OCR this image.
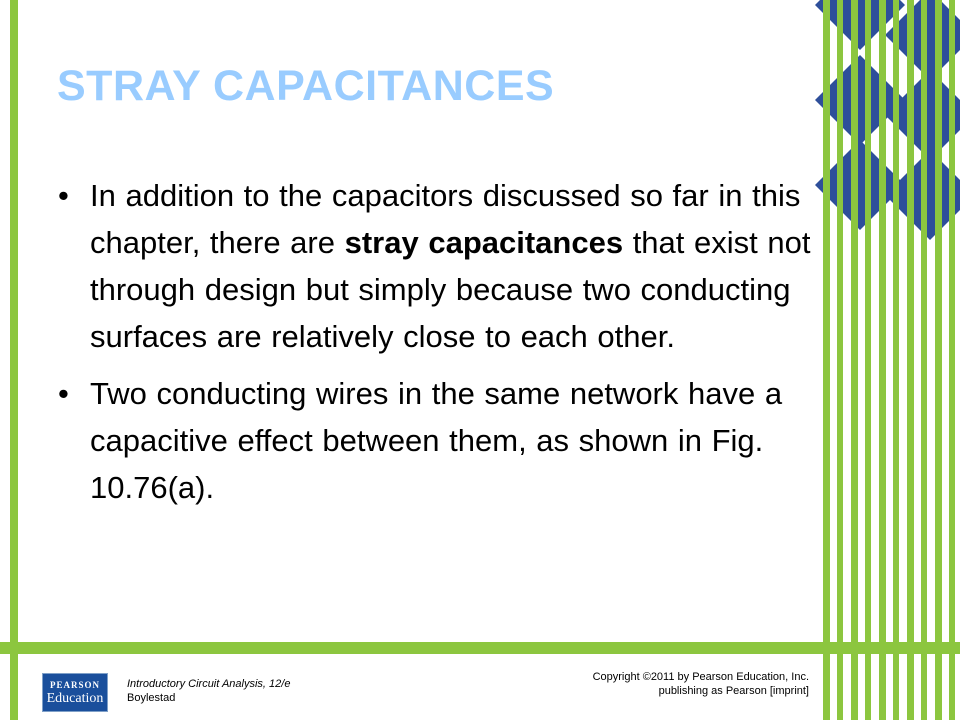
STRAY CAPACITANCES
• In addition to the capacitors discussed so far in this chapter, there are stray capacitances that exist not through design but simply because two conducting surfaces are relatively close to each other.
• Two conducting wires in the same network have a capacitive effect between them, as shown in Fig. 10.76(a).
PEARSON
Education
Introductory Circuit Analysis, 12/e
Boylestad
Copyright ©2011 by Pearson Education, Inc.
publishing as Pearson [imprint]
